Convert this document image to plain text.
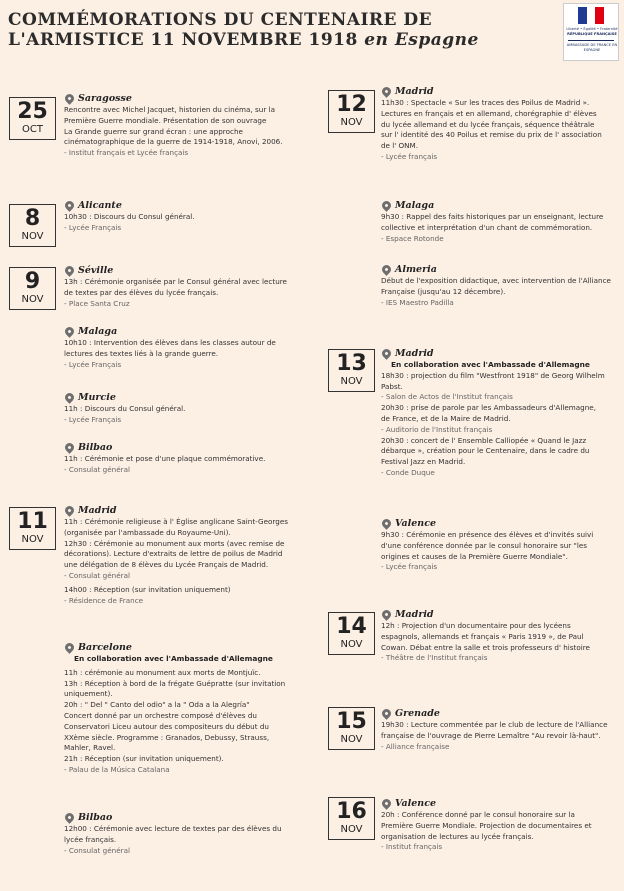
COMMÉMORATIONS DU CENTENAIRE DE
L'ARMISTICE 11 NOVEMBRE 1918 en Espagne
Liberté • Égalité • Fraternité
RÉPUBLIQUE FRANÇAISE
AMBASSADE DE FRANCE EN ESPAGNE
25
OCT
8
NOV
9
NOV
11
NOV
12
NOV
13
NOV
14
NOV
15
NOV
16
NOV
Saragosse

Rencontre avec Michel Jacquet, historien du cinéma, sur la

Première Guerre mondiale. Présentation de son ouvrage

La Grande guerre sur grand écran : une approche

cinématographique de la guerre de 1914-1918, Anovi, 2006.

- Institut français et Lycée français

Alicante

10h30 : Discours du Consul général.

- Lycée Français

Séville

13h : Cérémonie organisée par le Consul général avec lecture

de textes par des élèves du lycée français.

- Place Santa Cruz

Malaga

10h10 : Intervention des élèves dans les classes autour de

lectures des textes liés à la grande guerre.

- Lycée Français

Murcie

11h : Discours du Consul général.

- Lycée Français

Bilbao

11h : Cérémonie et pose d'une plaque commémorative.

- Consulat général

Madrid

11h : Cérémonie religieuse à l' Église anglicane Saint-Georges

(organisée par l'ambassade du Royaume-Uni).

12h30 : Cérémonie au monument aux morts (avec remise de

décorations). Lecture d'extraits de lettre de poilus de Madrid

une délégation de 8 élèves du Lycée Français de Madrid.

- Consulat général

14h00 : Réception (sur invitation uniquement)

- Résidence de France

Barcelone
En collaboration avec l'Ambassade d'Allemagne

11h : cérémonie au monument aux morts de Montjuïc.

13h : Réception à bord de la frégate Guépratte (sur invitation

uniquement).

20h : " Del " Canto del odio" a la " Oda a la Alegría"

Concert donné par un orchestre composé d'élèves du

Conservatori Liceu autour des compositeurs du début du

XXème siècle. Programme : Granados, Debussy, Strauss,

Mahler, Ravel.

21h : Réception (sur invitation uniquement).

- Palau de la Música Catalana

Bilbao

12h00 : Cérémonie avec lecture de textes par des élèves du

lycée français.

- Consulat général

Madrid

11h30 : Spectacle « Sur les traces des Poilus de Madrid ».

Lectures en français et en allemand, chorégraphie d' élèves

du lycée allemand et du lycée français, séquence théâtrale

sur l' identité des 40 Poilus et remise du prix de l' association

de l' ONM.

- Lycée français

Malaga

9h30 : Rappel des faits historiques par un enseignant, lecture

collective et interprétation d'un chant de commémoration.

- Espace Rotonde

Almeria

Début de l'exposition didactique, avec intervention de l'Alliance

Française (jusqu'au 12 décembre).

- IES Maestro Padilla

Madrid
En collaboration avec l'Ambassade d'Allemagne

18h30 : projection du film "Westfront 1918" de Georg Wilhelm

Pabst.

- Salon de Actos de l'Institut français

20h30 : prise de parole par les Ambassadeurs d'Allemagne,

de France, et de la Maire de Madrid.

- Auditorio de l'Institut français

20h30 : concert de l' Ensemble Calliopée « Quand le Jazz

débarque », création pour le Centenaire, dans le cadre du

Festival Jazz en Madrid.

- Conde Duque

Valence

9h30 : Cérémonie en présence des élèves et d'invités suivi

d'une conférence donnée par le consul honoraire sur "les

origines et causes de la Première Guerre Mondiale".

- Lycée français

Madrid

12h : Projection d'un documentaire pour des lycéens

espagnols, allemands et français « Paris 1919 », de Paul

Cowan. Débat entre la salle et trois professeurs d' histoire

- Théâtre de l'Institut français

Grenade

19h30 : Lecture commentée par le club de lecture de l'Alliance

française de l'ouvrage de Pierre Lemaître "Au revoir là-haut".

- Alliance française

Valence

20h : Conférence donné par le consul honoraire sur la

Première Guerre Mondiale. Projection de documentaires et

organisation de lectures au lycée français.

- Institut français
